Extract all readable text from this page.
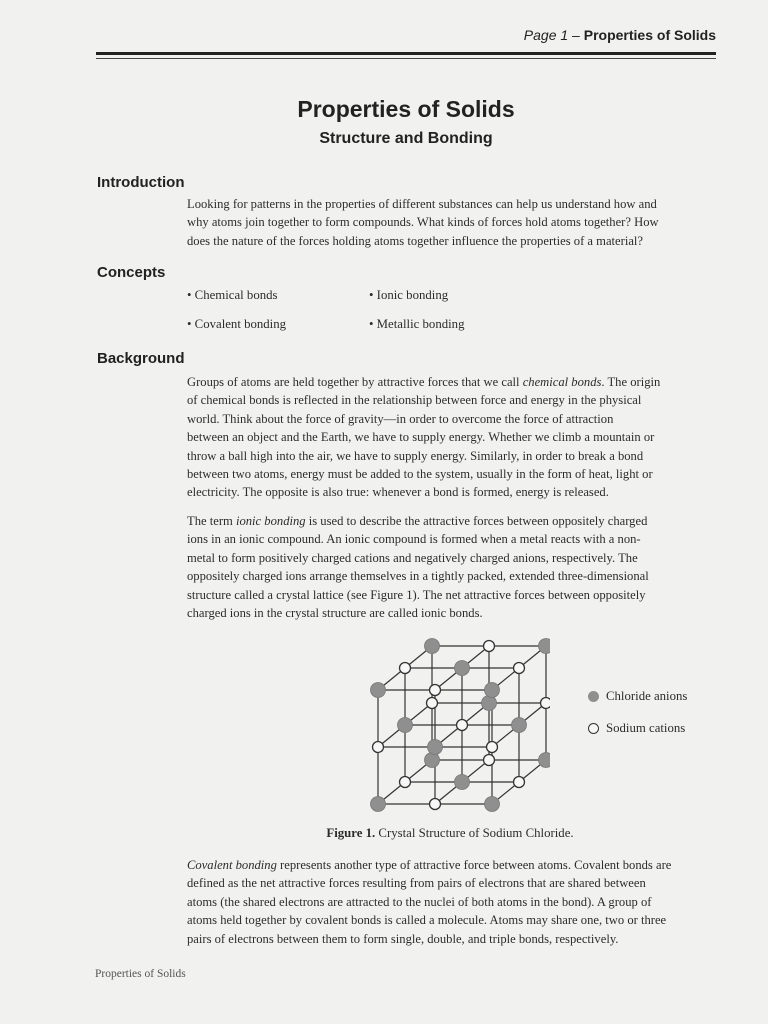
Page 1 – Properties of Solids
Properties of Solids
Structure and Bonding
Introduction
Looking for patterns in the properties of different substances can help us understand how and
why atoms join together to form compounds. What kinds of forces hold atoms together? How
does the nature of the forces holding atoms together influence the properties of a material?
Concepts
• Chemical bonds	• Ionic bonding
• Covalent bonding	• Metallic bonding
Background
Groups of atoms are held together by attractive forces that we call chemical bonds. The origin
of chemical bonds is reflected in the relationship between force and energy in the physical
world. Think about the force of gravity—in order to overcome the force of attraction
between an object and the Earth, we have to supply energy. Whether we climb a mountain or
throw a ball high into the air, we have to supply energy. Similarly, in order to break a bond
between two atoms, energy must be added to the system, usually in the form of heat, light or
electricity. The opposite is also true: whenever a bond is formed, energy is released.
The term ionic bonding is used to describe the attractive forces between oppositely charged
ions in an ionic compound. An ionic compound is formed when a metal reacts with a non-
metal to form positively charged cations and negatively charged anions, respectively. The
oppositely charged ions arrange themselves in a tightly packed, extended three-dimensional
structure called a crystal lattice (see Figure 1). The net attractive forces between oppositely
charged ions in the crystal structure are called ionic bonds.
Chloride anions
Sodium cations
Figure 1. Crystal Structure of Sodium Chloride.
Covalent bonding represents another type of attractive force between atoms. Covalent bonds are
defined as the net attractive forces resulting from pairs of electrons that are shared between
atoms (the shared electrons are attracted to the nuclei of both atoms in the bond). A group of
atoms held together by covalent bonds is called a molecule. Atoms may share one, two or three
pairs of electrons between them to form single, double, and triple bonds, respectively.
Properties of Solids
